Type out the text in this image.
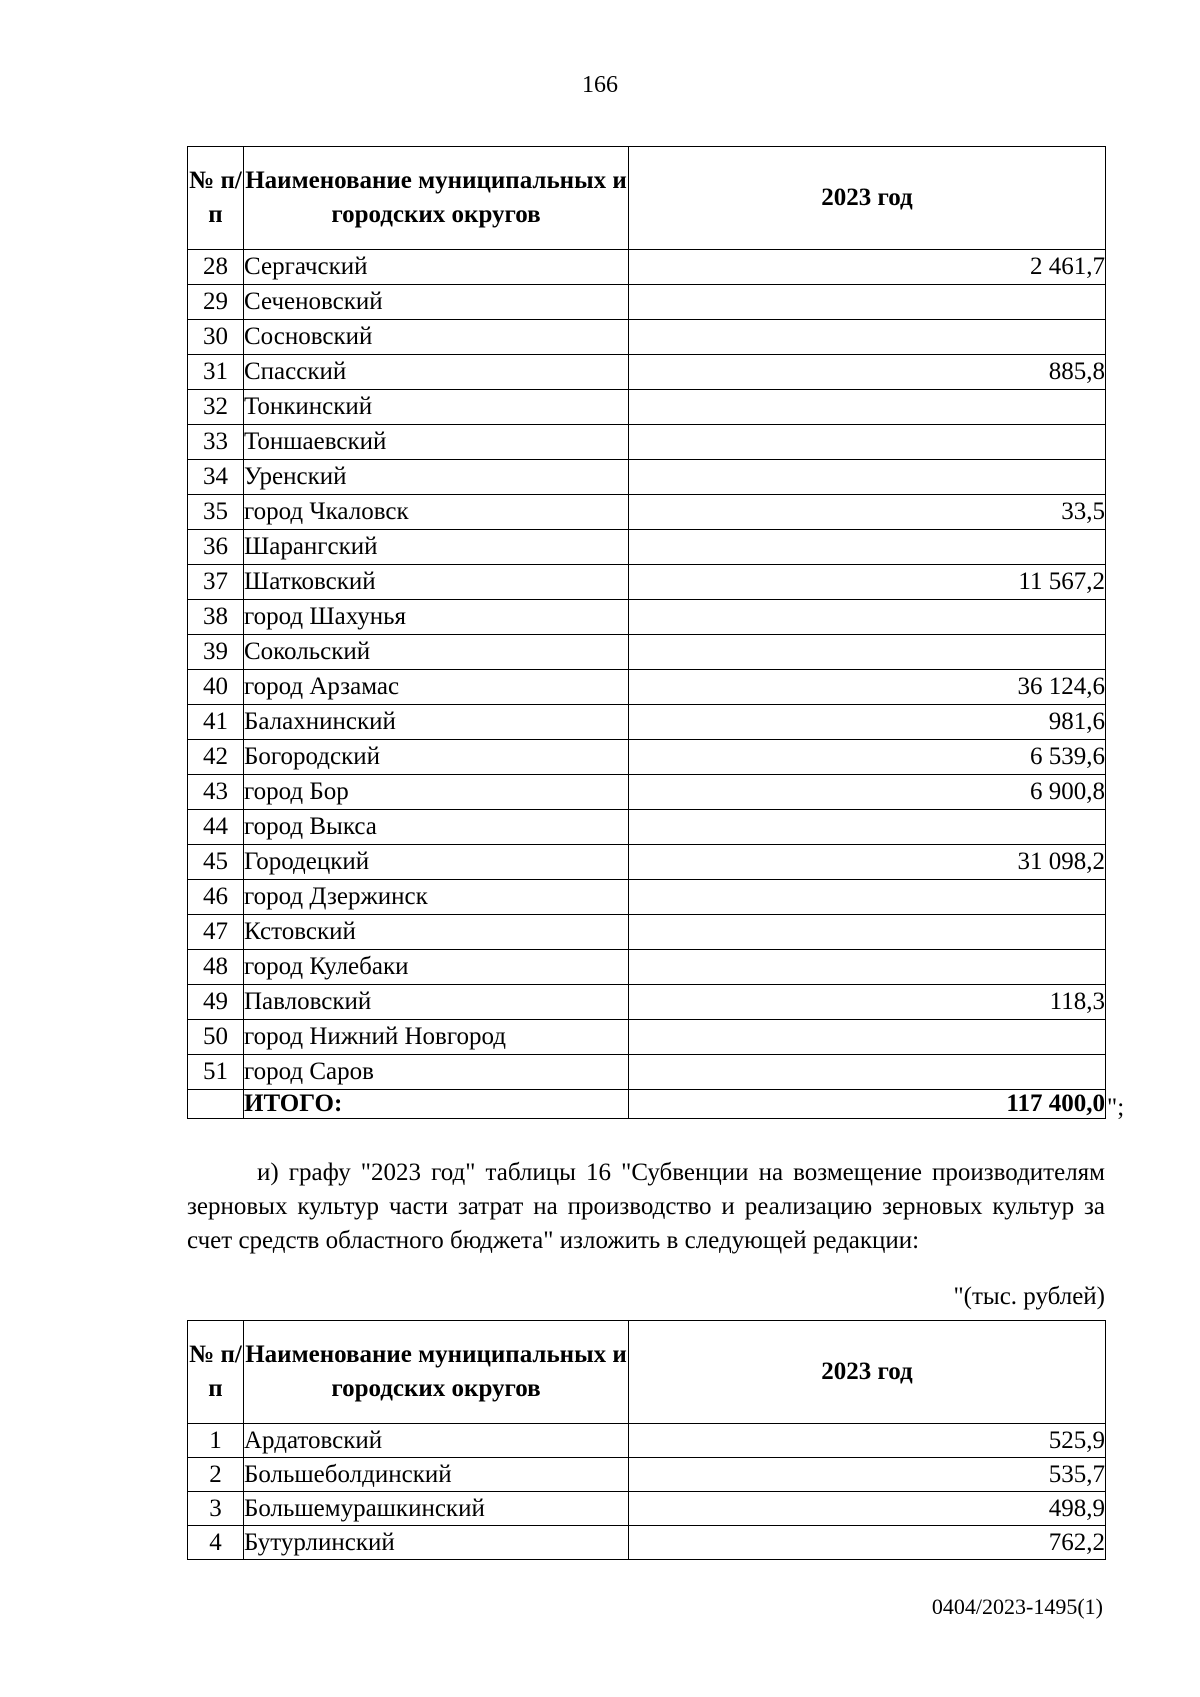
166
№ п/п	Наименование муниципальных и городских округов	2023 год
28	Сергачский	2 461,7
29	Сеченовский	
30	Сосновский	
31	Спасский	885,8
32	Тонкинский	
33	Тоншаевский	
34	Уренский	
35	город Чкаловск	33,5
36	Шарангский	
37	Шатковский	11 567,2
38	город Шахунья	
39	Сокольский	
40	город Арзамас	36 124,6
41	Балахнинский	981,6
42	Богородский	6 539,6
43	город Бор	6 900,8
44	город Выкса	
45	Городецкий	31 098,2
46	город Дзержинск	
47	Кстовский	
48	город Кулебаки	
49	Павловский	118,3
50	город Нижний Новгород	
51	город Саров	
	ИТОГО:	117 400,0 ";
и) графу "2023 год" таблицы 16 "Субвенции на возмещение производителям зерновых культур части затрат на производство и реализацию зерновых культур за счет средств областного бюджета" изложить в следующей редакции:
"(тыс. рублей)
№ п/п	Наименование муниципальных и городских округов	2023 год
1	Ардатовский	525,9
2	Большеболдинский	535,7
3	Большемурашкинский	498,9
4	Бутурлинский	762,2
0404/2023-1495(1)
